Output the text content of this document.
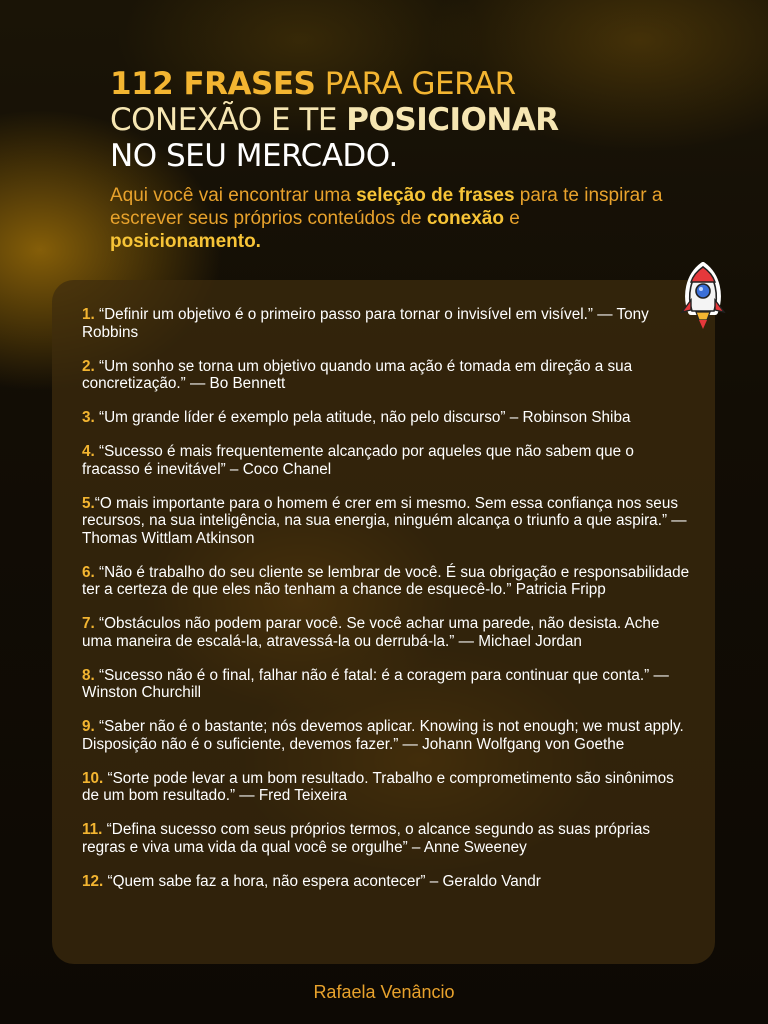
112 FRASES PARA GERAR
CONEXÃO E TE POSICIONAR
NO SEU MERCADO.
Aqui você vai encontrar uma seleção de frases para te inspirar a escrever seus próprios conteúdos de conexão e posicionamento.

1. “Definir um objetivo é o primeiro passo para tornar o invisível em visível.” — Tony Robbins

2. “Um sonho se torna um objetivo quando uma ação é tomada em direção a sua concretização.” — Bo Bennett

3. “Um grande líder é exemplo pela atitude, não pelo discurso” – Robinson Shiba

4. “Sucesso é mais frequentemente alcançado por aqueles que não sabem que o fracasso é inevitável” – Coco Chanel

5.“O mais importante para o homem é crer em si mesmo. Sem essa confiança nos seus recursos, na sua inteligência, na sua energia, ninguém alcança o triunfo a que aspira.” — Thomas Wittlam Atkinson

6. “Não é trabalho do seu cliente se lembrar de você. É sua obrigação e responsabilidade ter a certeza de que eles não tenham a chance de esquecê-lo.” Patricia Fripp

7. “Obstáculos não podem parar você. Se você achar uma parede, não desista. Ache uma maneira de escalá-la, atravessá-la ou derrubá-la.” — Michael Jordan

8. “Sucesso não é o final, falhar não é fatal: é a coragem para continuar que conta.” — Winston Churchill

9. “Saber não é o bastante; nós devemos aplicar. Knowing is not enough; we must apply. Disposição não é o suficiente, devemos fazer.” — Johann Wolfgang von Goethe

10. “Sorte pode levar a um bom resultado. Trabalho e comprometimento são sinônimos de um bom resultado.” — Fred Teixeira

11. “Defina sucesso com seus próprios termos, o alcance segundo as suas próprias regras e viva uma vida da qual você se orgulhe” – Anne Sweeney

12. “Quem sabe faz a hora, não espera acontecer” – Geraldo Vandr

Rafaela Venâncio
